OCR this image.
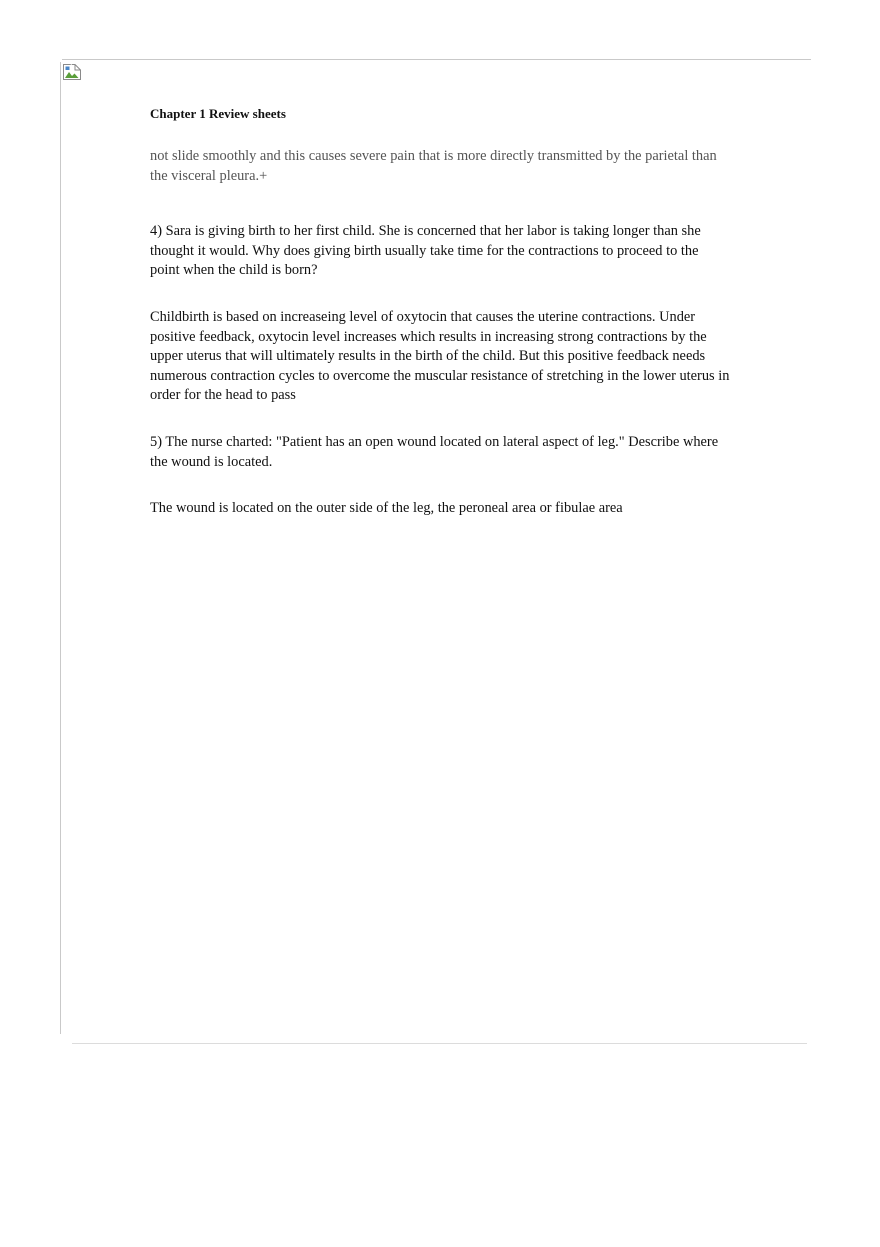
Chapter 1 Review sheets

not slide smoothly and this causes severe pain that is more directly transmitted by the parietal than the visceral pleura.+

4) Sara is giving birth to her first child. She is concerned that her labor is taking longer than she thought it would. Why does giving birth usually take time for the contractions to proceed to the point when the child is born?

Childbirth is based on increaseing level of oxytocin that causes the uterine contractions. Under positive feedback, oxytocin level increases which results in increasing strong contractions by the upper uterus that will ultimately results in the birth of the child. But this positive feedback needs numerous contraction cycles to overcome the muscular resistance of stretching in the lower uterus in order for the head to pass

5) The nurse charted: "Patient has an open wound located on lateral aspect of leg." Describe where the wound is located.

The wound is located on the outer side of the leg, the peroneal area or fibulae area
